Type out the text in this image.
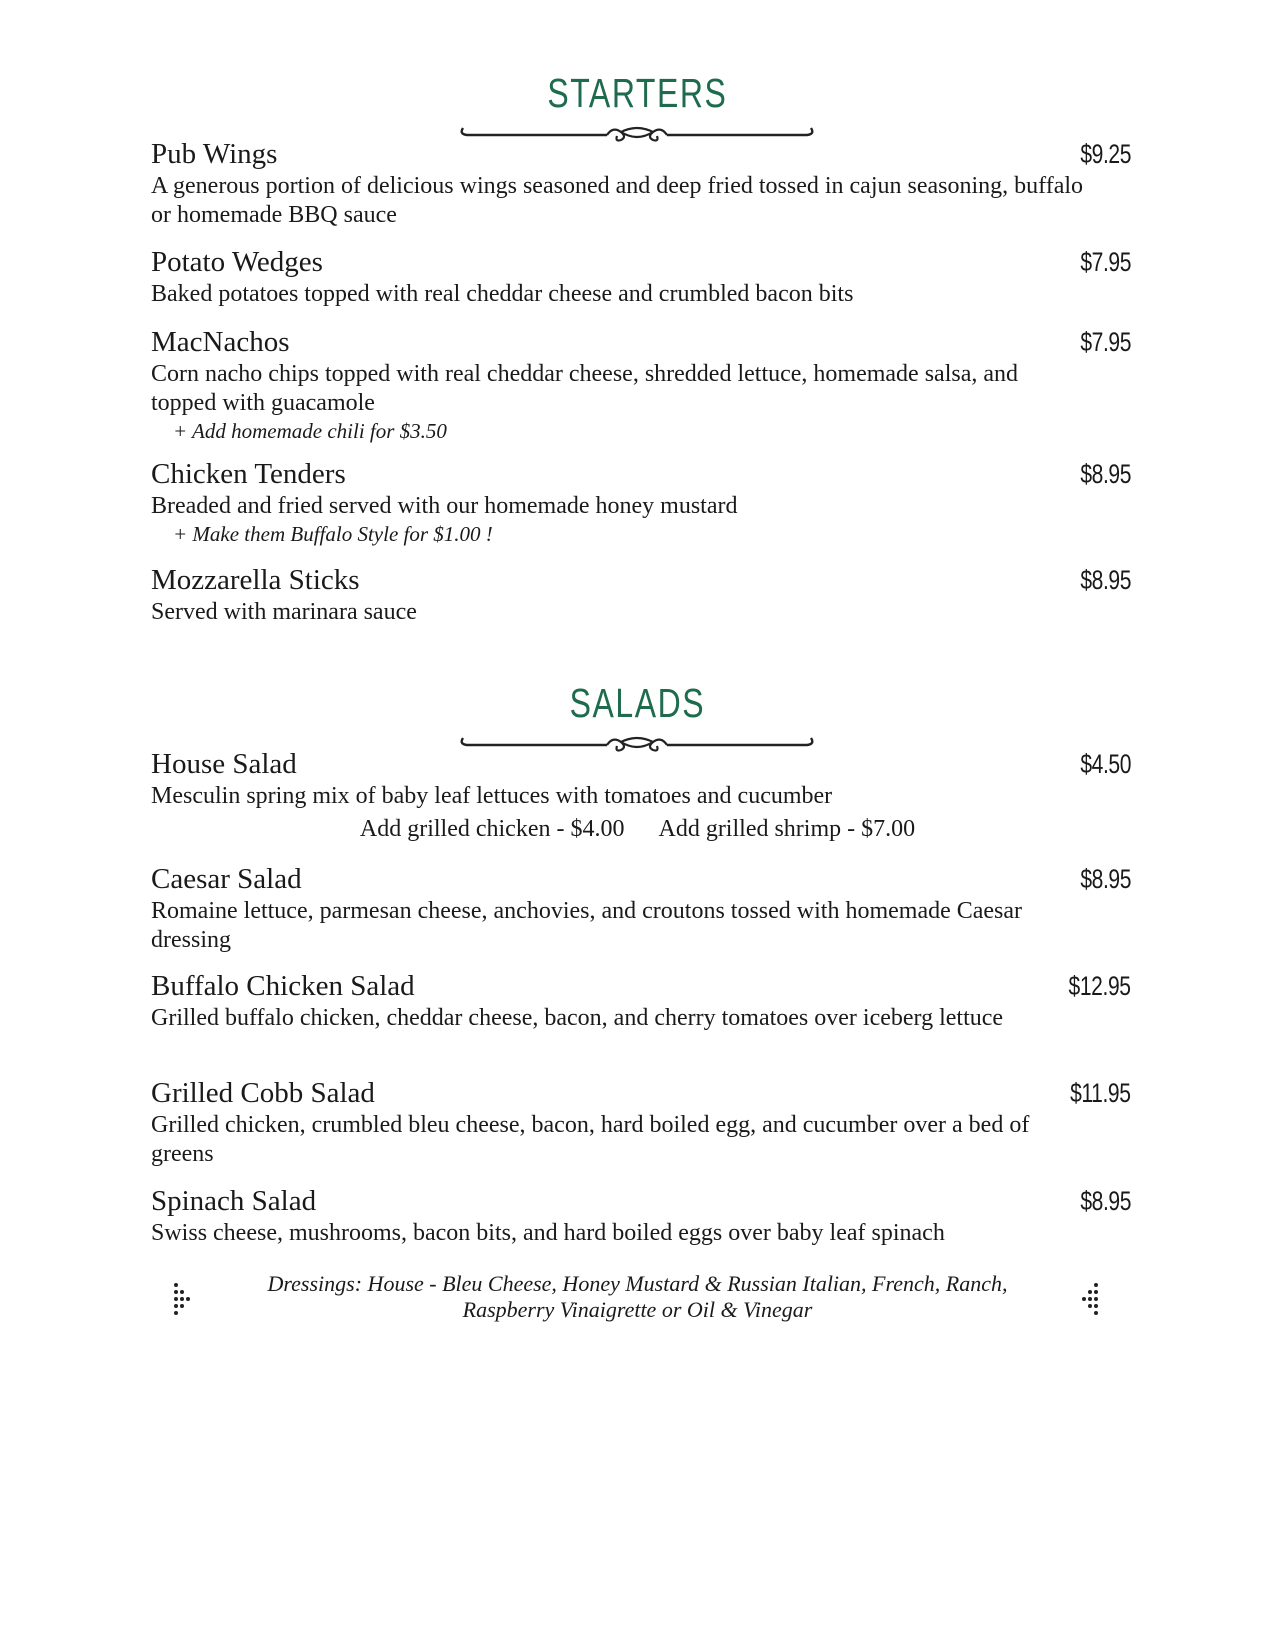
STARTERS
Pub Wings	$9.25
A generous portion of delicious wings seasoned and deep fried tossed in cajun seasoning, buffalo or homemade BBQ sauce
Potato Wedges	$7.95
Baked potatoes topped with real cheddar cheese and crumbled bacon bits
MacNachos	$7.95
Corn nacho chips topped with real cheddar cheese, shredded lettuce, homemade salsa, and topped with guacamole
+ Add homemade chili for $3.50
Chicken Tenders	$8.95
Breaded and fried served with our homemade honey mustard
+ Make them Buffalo Style for $1.00 !
Mozzarella Sticks	$8.95
Served with marinara sauce
SALADS
House Salad	$4.50
Mesculin spring mix of baby leaf lettuces with tomatoes and cucumber
Add grilled chicken - $4.00 Add grilled shrimp - $7.00
Caesar Salad	$8.95
Romaine lettuce, parmesan cheese, anchovies, and croutons tossed with homemade Caesar dressing
Buffalo Chicken Salad	$12.95
Grilled buffalo chicken, cheddar cheese, bacon, and cherry tomatoes over iceberg lettuce
Grilled Cobb Salad	$11.95
Grilled chicken, crumbled bleu cheese, bacon, hard boiled egg, and cucumber over a bed of greens
Spinach Salad	$8.95
Swiss cheese, mushrooms, bacon bits, and hard boiled eggs over baby leaf spinach
Dressings: House - Bleu Cheese, Honey Mustard & Russian Italian, French, Ranch,
Raspberry Vinaigrette or Oil & Vinegar
